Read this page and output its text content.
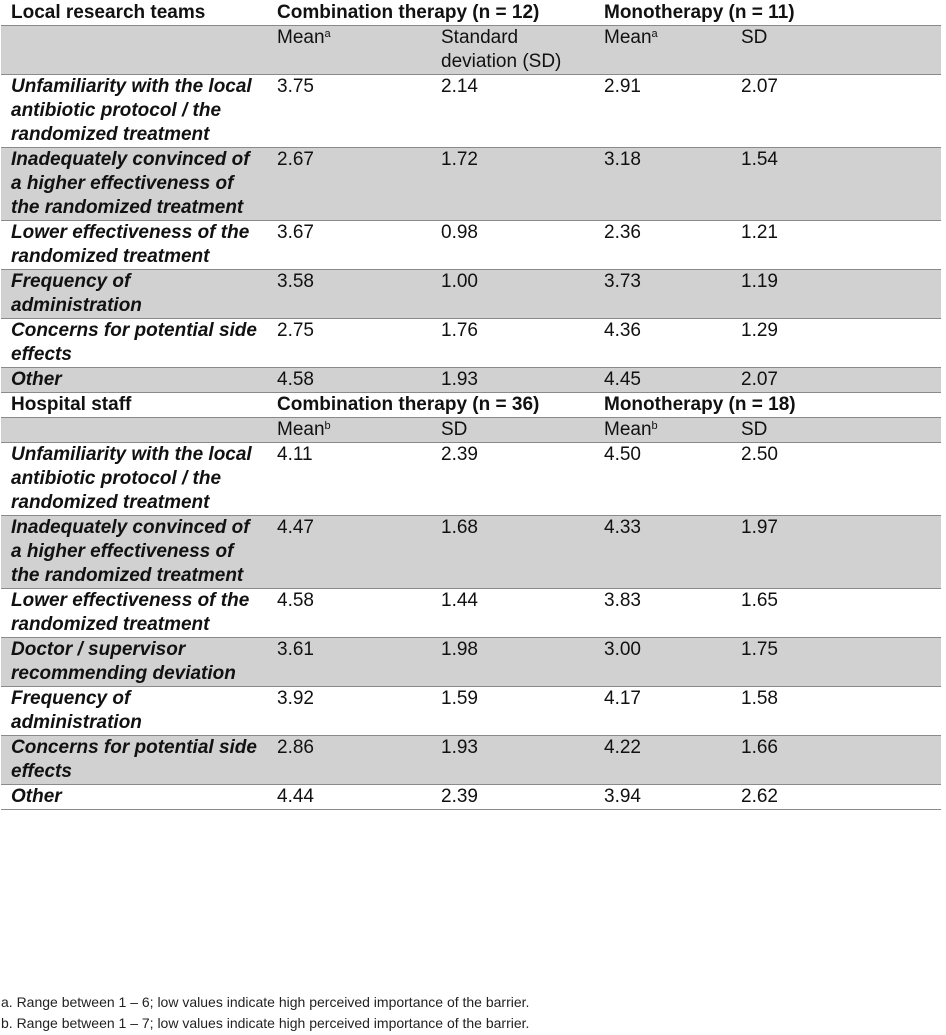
Local research teams	Combination therapy (n = 12)		Monotherapy (n = 11)	
	Mean$^a$	Standard deviation (SD)	Mean$^a$	SD
Unfamiliarity with the local antibiotic protocol / the randomized treatment	3.75	2.14	2.91	2.07
Inadequately convinced of a higher effectiveness of the randomized treatment	2.67	1.72	3.18	1.54
Lower effectiveness of the randomized treatment	3.67	0.98	2.36	1.21
Frequency of administration	3.58	1.00	3.73	1.19
Concerns for potential side effects	2.75	1.76	4.36	1.29
Other	4.58	1.93	4.45	2.07
Hospital staff	Combination therapy (n = 36)		Monotherapy (n = 18)	
	Mean$^b$	SD	Mean$^b$	SD
Unfamiliarity with the local antibiotic protocol / the randomized treatment	4.11	2.39	4.50	2.50
Inadequately convinced of a higher effectiveness of the randomized treatment	4.47	1.68	4.33	1.97
Lower effectiveness of the randomized treatment	4.58	1.44	3.83	1.65
Doctor / supervisor recommending deviation	3.61	1.98	3.00	1.75
Frequency of administration	3.92	1.59	4.17	1.58
Concerns for potential side effects	2.86	1.93	4.22	1.66
Other	4.44	2.39	3.94	2.62
a. Range between 1 – 6; low values indicate high perceived importance of the barrier.
b. Range between 1 – 7; low values indicate high perceived importance of the barrier.
